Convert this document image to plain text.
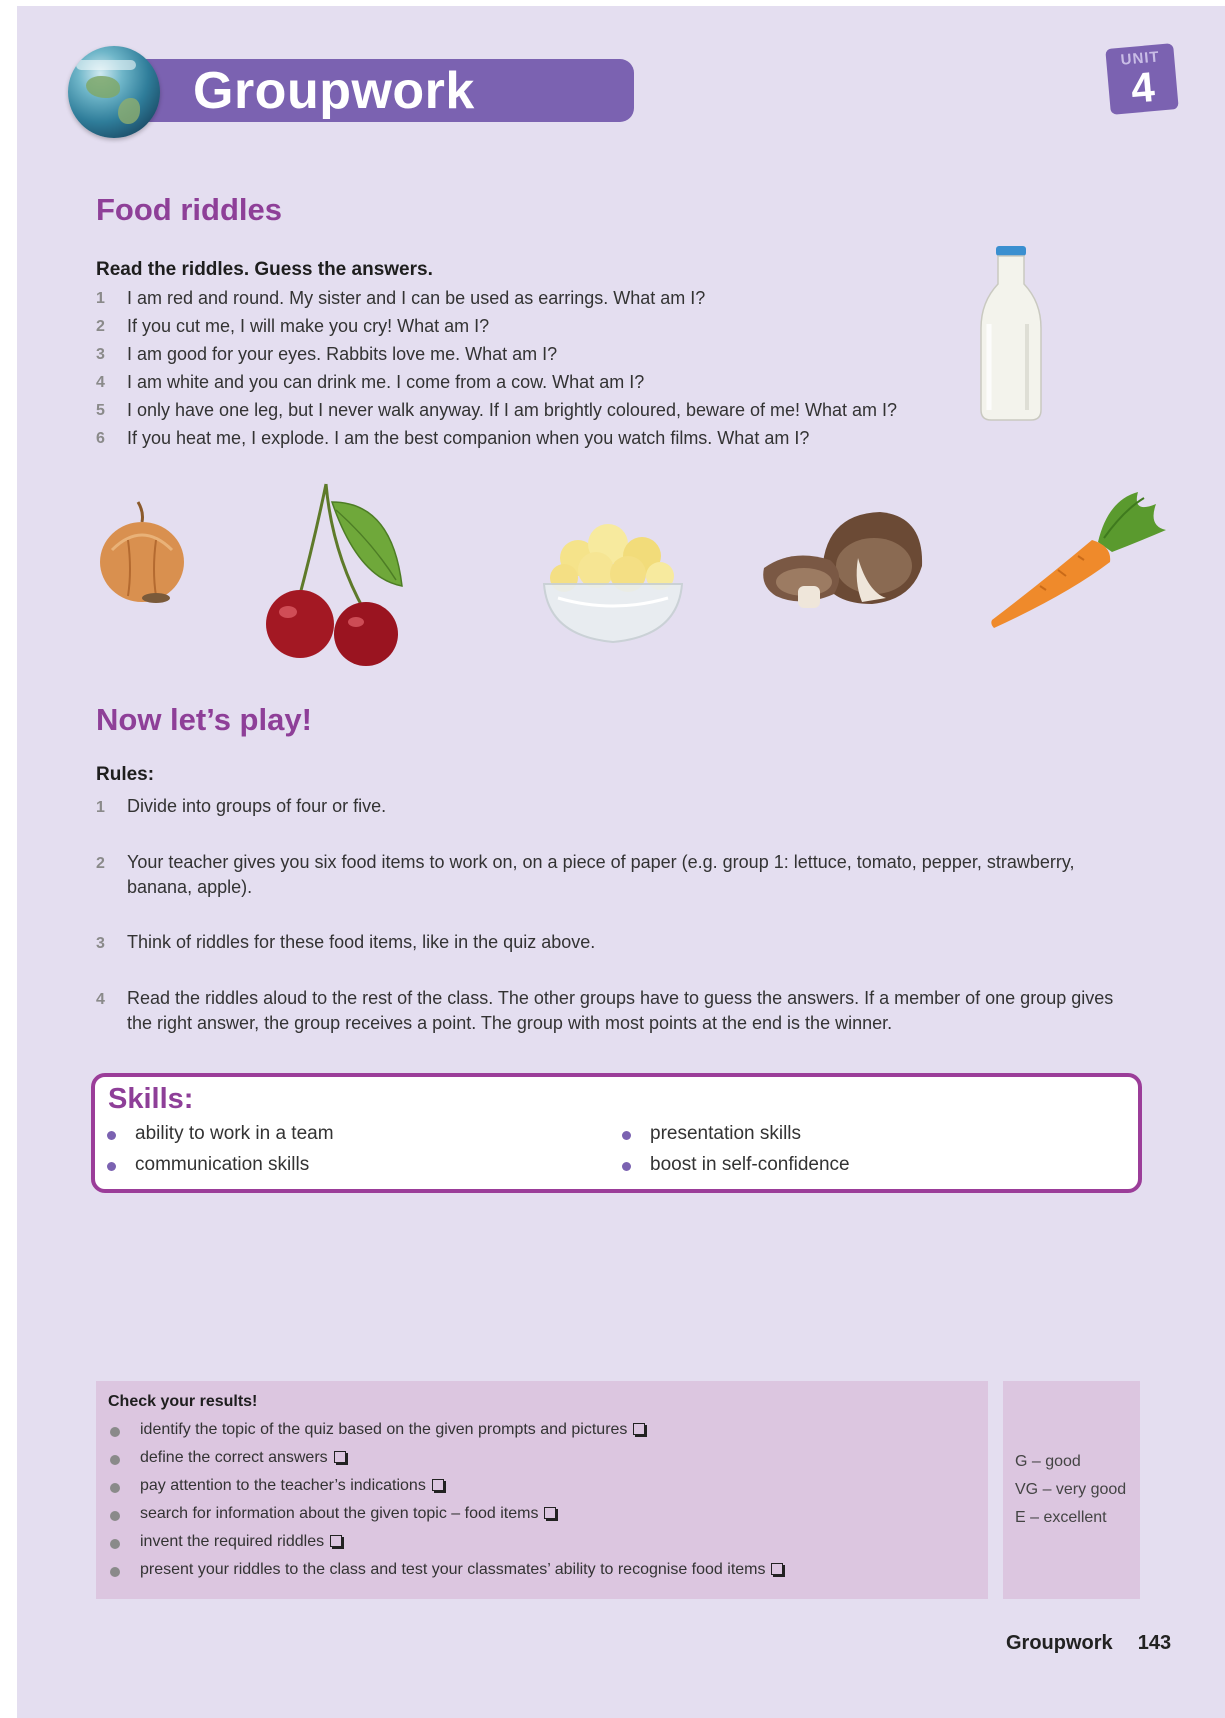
Groupwork
UNIT
4
Food riddles
Read the riddles. Guess the answers.
1 I am red and round. My sister and I can be used as earrings. What am I?
2 If you cut me, I will make you cry! What am I?
3 I am good for your eyes. Rabbits love me. What am I?
4 I am white and you can drink me. I come from a cow. What am I?
5 I only have one leg, but I never walk anyway. If I am brightly coloured, beware of me! What am I?
6 If you heat me, I explode. I am the best companion when you watch films. What am I?
Now let’s play!
Rules:
1 Divide into groups of four or five.
2 Your teacher gives you six food items to work on, on a piece of paper (e.g. group 1: lettuce, tomato, pepper, strawberry, banana, apple).
3 Think of riddles for these food items, like in the quiz above.
4 Read the riddles aloud to the rest of the class. The other groups have to guess the answers. If a member of one group gives the right answer, the group receives a point. The group with most points at the end is the winner.
Skills:
ability to work in a team
communication skills
presentation skills
boost in self-confidence
Check your results!
identify the topic of the quiz based on the given prompts and pictures
define the correct answers
pay attention to the teacher’s indications
search for information about the given topic – food items
invent the required riddles
present your riddles to the class and test your classmates’ ability to recognise food items
G – good
VG – very good
E – excellent
Groupwork 143
